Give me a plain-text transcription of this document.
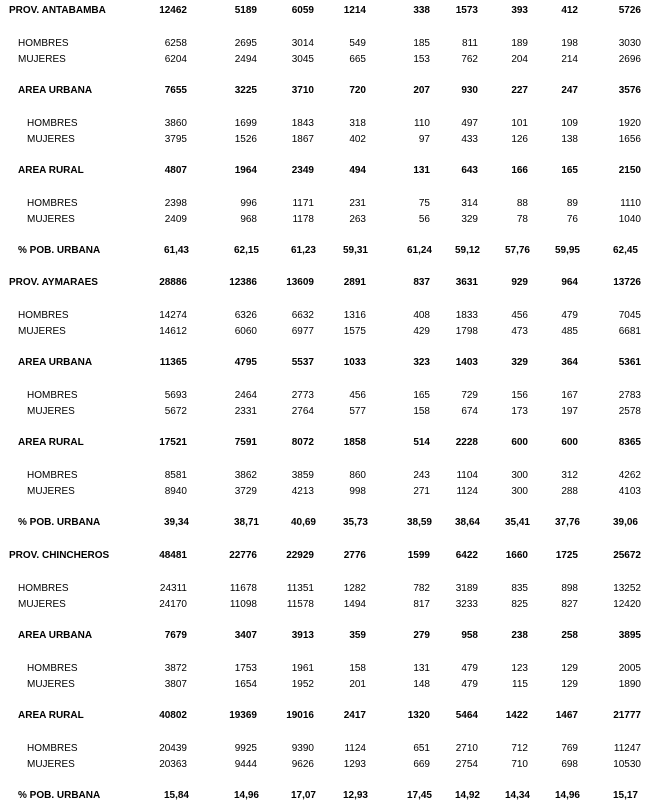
PROV. ANTABAMBA	12462	5189	6059	1214	338	1573	393	412	5726
HOMBRES	6258	2695	3014	549	185	811	189	198	3030
MUJERES	6204	2494	3045	665	153	762	204	214	2696
AREA URBANA	7655	3225	3710	720	207	930	227	247	3576
HOMBRES	3860	1699	1843	318	110	497	101	109	1920
MUJERES	3795	1526	1867	402	97	433	126	138	1656
AREA RURAL	4807	1964	2349	494	131	643	166	165	2150
HOMBRES	2398	996	1171	231	75	314	88	89	1110
MUJERES	2409	968	1178	263	56	329	78	76	1040
% POB. URBANA	61,43	62,15	61,23	59,31	61,24 59,12 57,76 59,95	62,45
PROV. AYMARAES	28886	12386	13609	2891	837	3631	929	964	13726
HOMBRES	14274	6326	6632	1316	408	1833	456	479	7045
MUJERES	14612	6060	6977	1575	429	1798	473	485	6681
AREA URBANA	11365	4795	5537	1033	323	1403	329	364	5361
HOMBRES	5693	2464	2773	456	165	729	156	167	2783
MUJERES	5672	2331	2764	577	158	674	173	197	2578
AREA RURAL	17521	7591	8072	1858	514	2228	600	600	8365
HOMBRES	8581	3862	3859	860	243	1104	300	312	4262
MUJERES	8940	3729	4213	998	271	1124	300	288	4103
% POB. URBANA	39,34	38,71	40,69	35,73	38,59 38,64 35,41 37,76	39,06
PROV. CHINCHEROS	48481	22776	22929	2776	1599	6422	1660	1725	25672
HOMBRES	24311	11678	11351	1282	782	3189	835	898	13252
MUJERES	24170	11098	11578	1494	817	3233	825	827	12420
AREA URBANA	7679	3407	3913	359	279	958	238	258	3895
HOMBRES	3872	1753	1961	158	131	479	123	129	2005
MUJERES	3807	1654	1952	201	148	479	115	129	1890
AREA RURAL	40802	19369	19016	2417	1320	5464	1422	1467	21777
HOMBRES	20439	9925	9390	1124	651	2710	712	769	11247
MUJERES	20363	9444	9626	1293	669	2754	710	698	10530
% POB. URBANA	15,84	14,96	17,07	12,93	17,45 14,92 14,34 14,96	15,17
